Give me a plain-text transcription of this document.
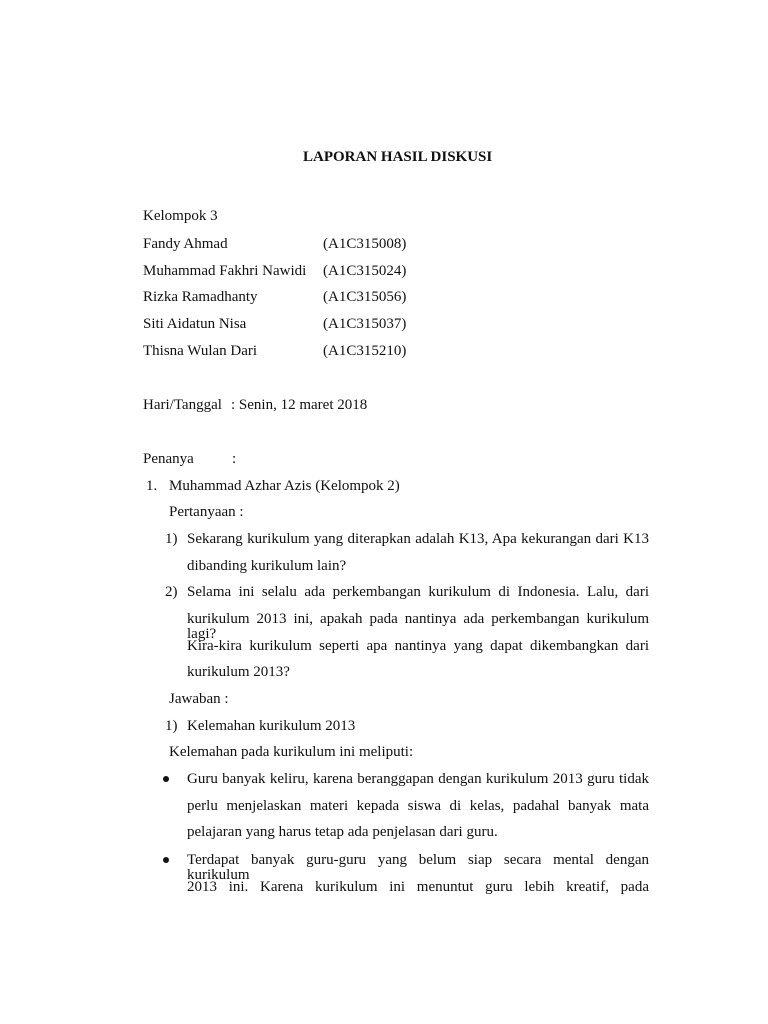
LAPORAN HASIL DISKUSI
Kelompok 3
Fandy Ahmad	(A1C315008)
Muhammad Fakhri Nawidi (A1C315024)
Rizka Ramadhanty	(A1C315056)
Siti Aidatun Nisa	(A1C315037)
Thisna Wulan Dari	(A1C315210)
Hari/Tanggal : Senin, 12 maret 2018
Penanya	:
1. Muhammad Azhar Azis (Kelompok 2)
Pertanyaan :
1) Sekarang kurikulum yang diterapkan adalah K13, Apa kekurangan dari K13
dibanding kurikulum lain?
2) Selama ini selalu ada perkembangan kurikulum di Indonesia. Lalu, dari
kurikulum 2013 ini, apakah pada nantinya ada perkembangan kurikulum lagi?
Kira-kira kurikulum seperti apa nantinya yang dapat dikembangkan dari
kurikulum 2013?
Jawaban :
1) Kelemahan kurikulum 2013
Kelemahan pada kurikulum ini meliputi:
Guru banyak keliru, karena beranggapan dengan kurikulum 2013 guru tidak
perlu menjelaskan materi kepada siswa di kelas, padahal banyak mata
pelajaran yang harus tetap ada penjelasan dari guru.
Terdapat banyak guru-guru yang belum siap secara mental dengan kurikulum
2013 ini. Karena kurikulum ini menuntut guru lebih kreatif, pada
